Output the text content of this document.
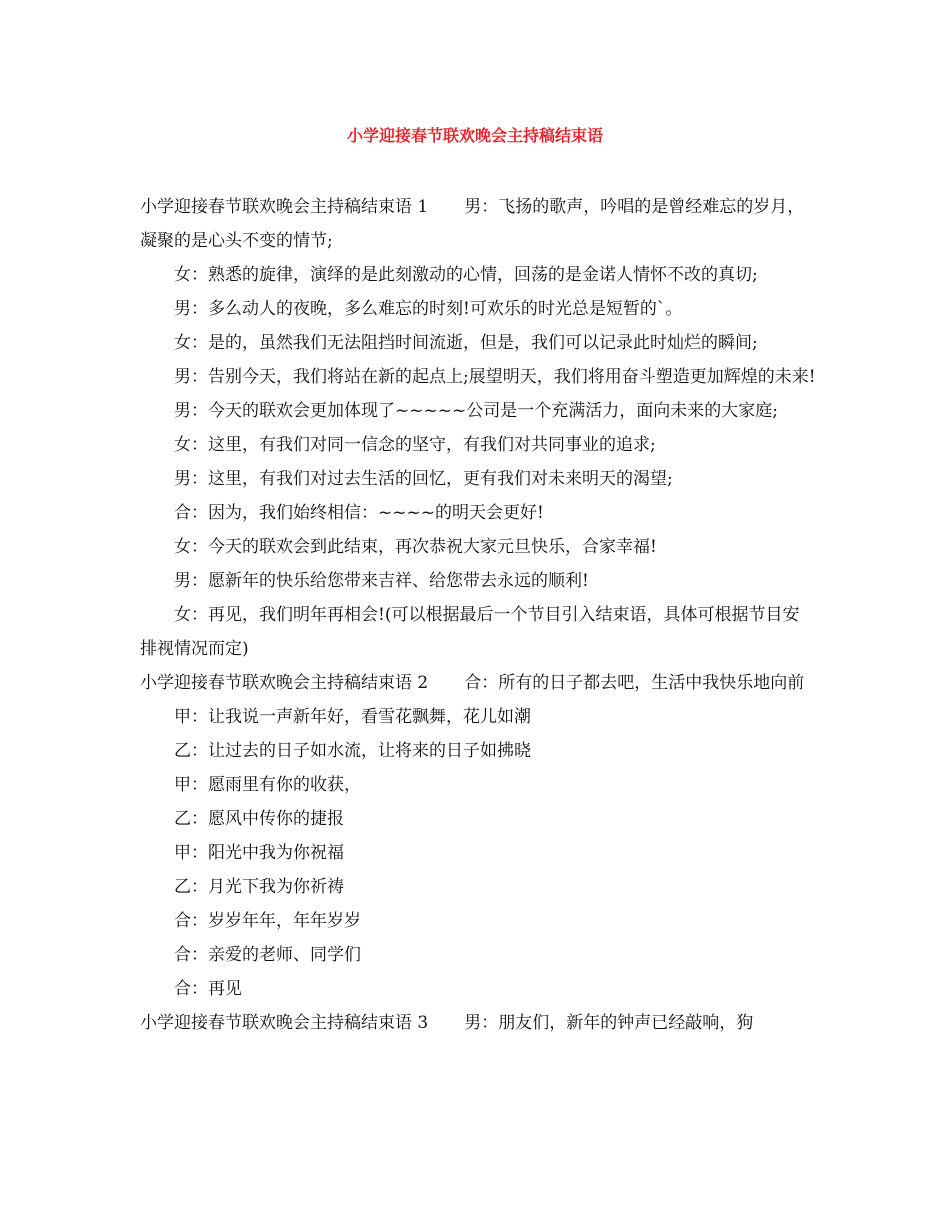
小学迎接春节联欢晚会主持稿结束语

小学迎接春节联欢晚会主持稿结束语 1 男：飞扬的歌声，吟唱的是曾经难忘的岁月，凝聚的是心头不变的情节;

女：熟悉的旋律，演绎的是此刻激动的心情，回荡的是金诺人情怀不改的真切;

男：多么动人的夜晚，多么难忘的时刻!可欢乐的时光总是短暂的`。

女：是的，虽然我们无法阻挡时间流逝，但是，我们可以记录此时灿烂的瞬间;

男：告别今天，我们将站在新的起点上;展望明天，我们将用奋斗塑造更加辉煌的未来!

男：今天的联欢会更加体现了~~~~~公司是一个充满活力，面向未来的大家庭;

女：这里，有我们对同一信念的坚守，有我们对共同事业的追求;

男：这里，有我们对过去生活的回忆，更有我们对未来明天的渴望;

合：因为，我们始终相信：~~~~的明天会更好!

女：今天的联欢会到此结束，再次恭祝大家元旦快乐，合家幸福!

男：愿新年的快乐给您带来吉祥、给您带去永远的顺利!

女：再见，我们明年再相会!(可以根据最后一个节目引入结束语，具体可根据节目安排视情况而定)

小学迎接春节联欢晚会主持稿结束语 2 合：所有的日子都去吧，生活中我快乐地向前

甲：让我说一声新年好，看雪花飘舞，花儿如潮

乙：让过去的日子如水流，让将来的日子如拂晓

甲：愿雨里有你的收获，

乙：愿风中传你的捷报

甲：阳光中我为你祝福

乙：月光下我为你祈祷

合：岁岁年年，年年岁岁

合：亲爱的老师、同学们

合：再见

小学迎接春节联欢晚会主持稿结束语 3 男：朋友们，新年的钟声已经敲响，狗
